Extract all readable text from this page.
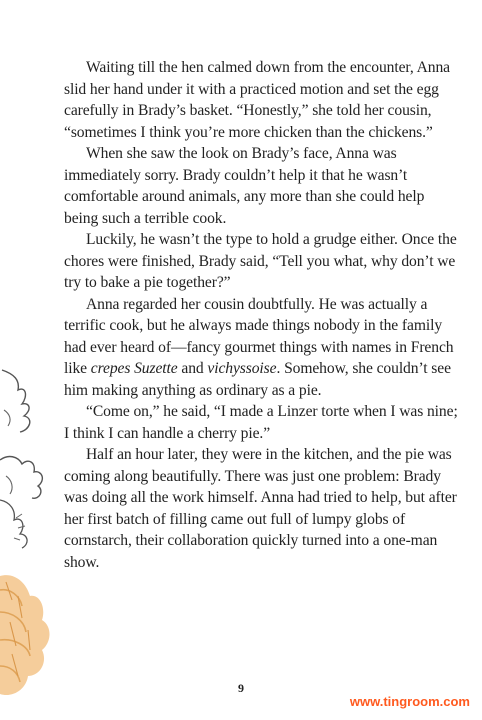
Waiting till the hen calmed down from the encounter, Anna slid her hand under it with a practiced motion and set the egg carefully in Brady’s basket. “Honestly,” she told her cousin, “sometimes I think you’re more chicken than the chickens.”

When she saw the look on Brady’s face, Anna was immediately sorry. Brady couldn’t help it that he wasn’t comfortable around animals, any more than she could help being such a terrible cook.

Luckily, he wasn’t the type to hold a grudge either. Once the chores were finished, Brady said, “Tell you what, why don’t we try to bake a pie together?”

Anna regarded her cousin doubtfully. He was actually a terrific cook, but he always made things nobody in the family had ever heard of—fancy gourmet things with names in French like crepes Suzette and vichyssoise. Somehow, she couldn’t see him making anything as ordinary as a pie.

“Come on,” he said, “I made a Linzer torte when I was nine; I think I can handle a cherry pie.”

Half an hour later, they were in the kitchen, and the pie was coming along beautifully. There was just one problem: Brady was doing all the work himself. Anna had tried to help, but after her first batch of filling came out full of lumpy globs of cornstarch, their collaboration quickly turned into a one-man show.

9
www.tingroom.com
